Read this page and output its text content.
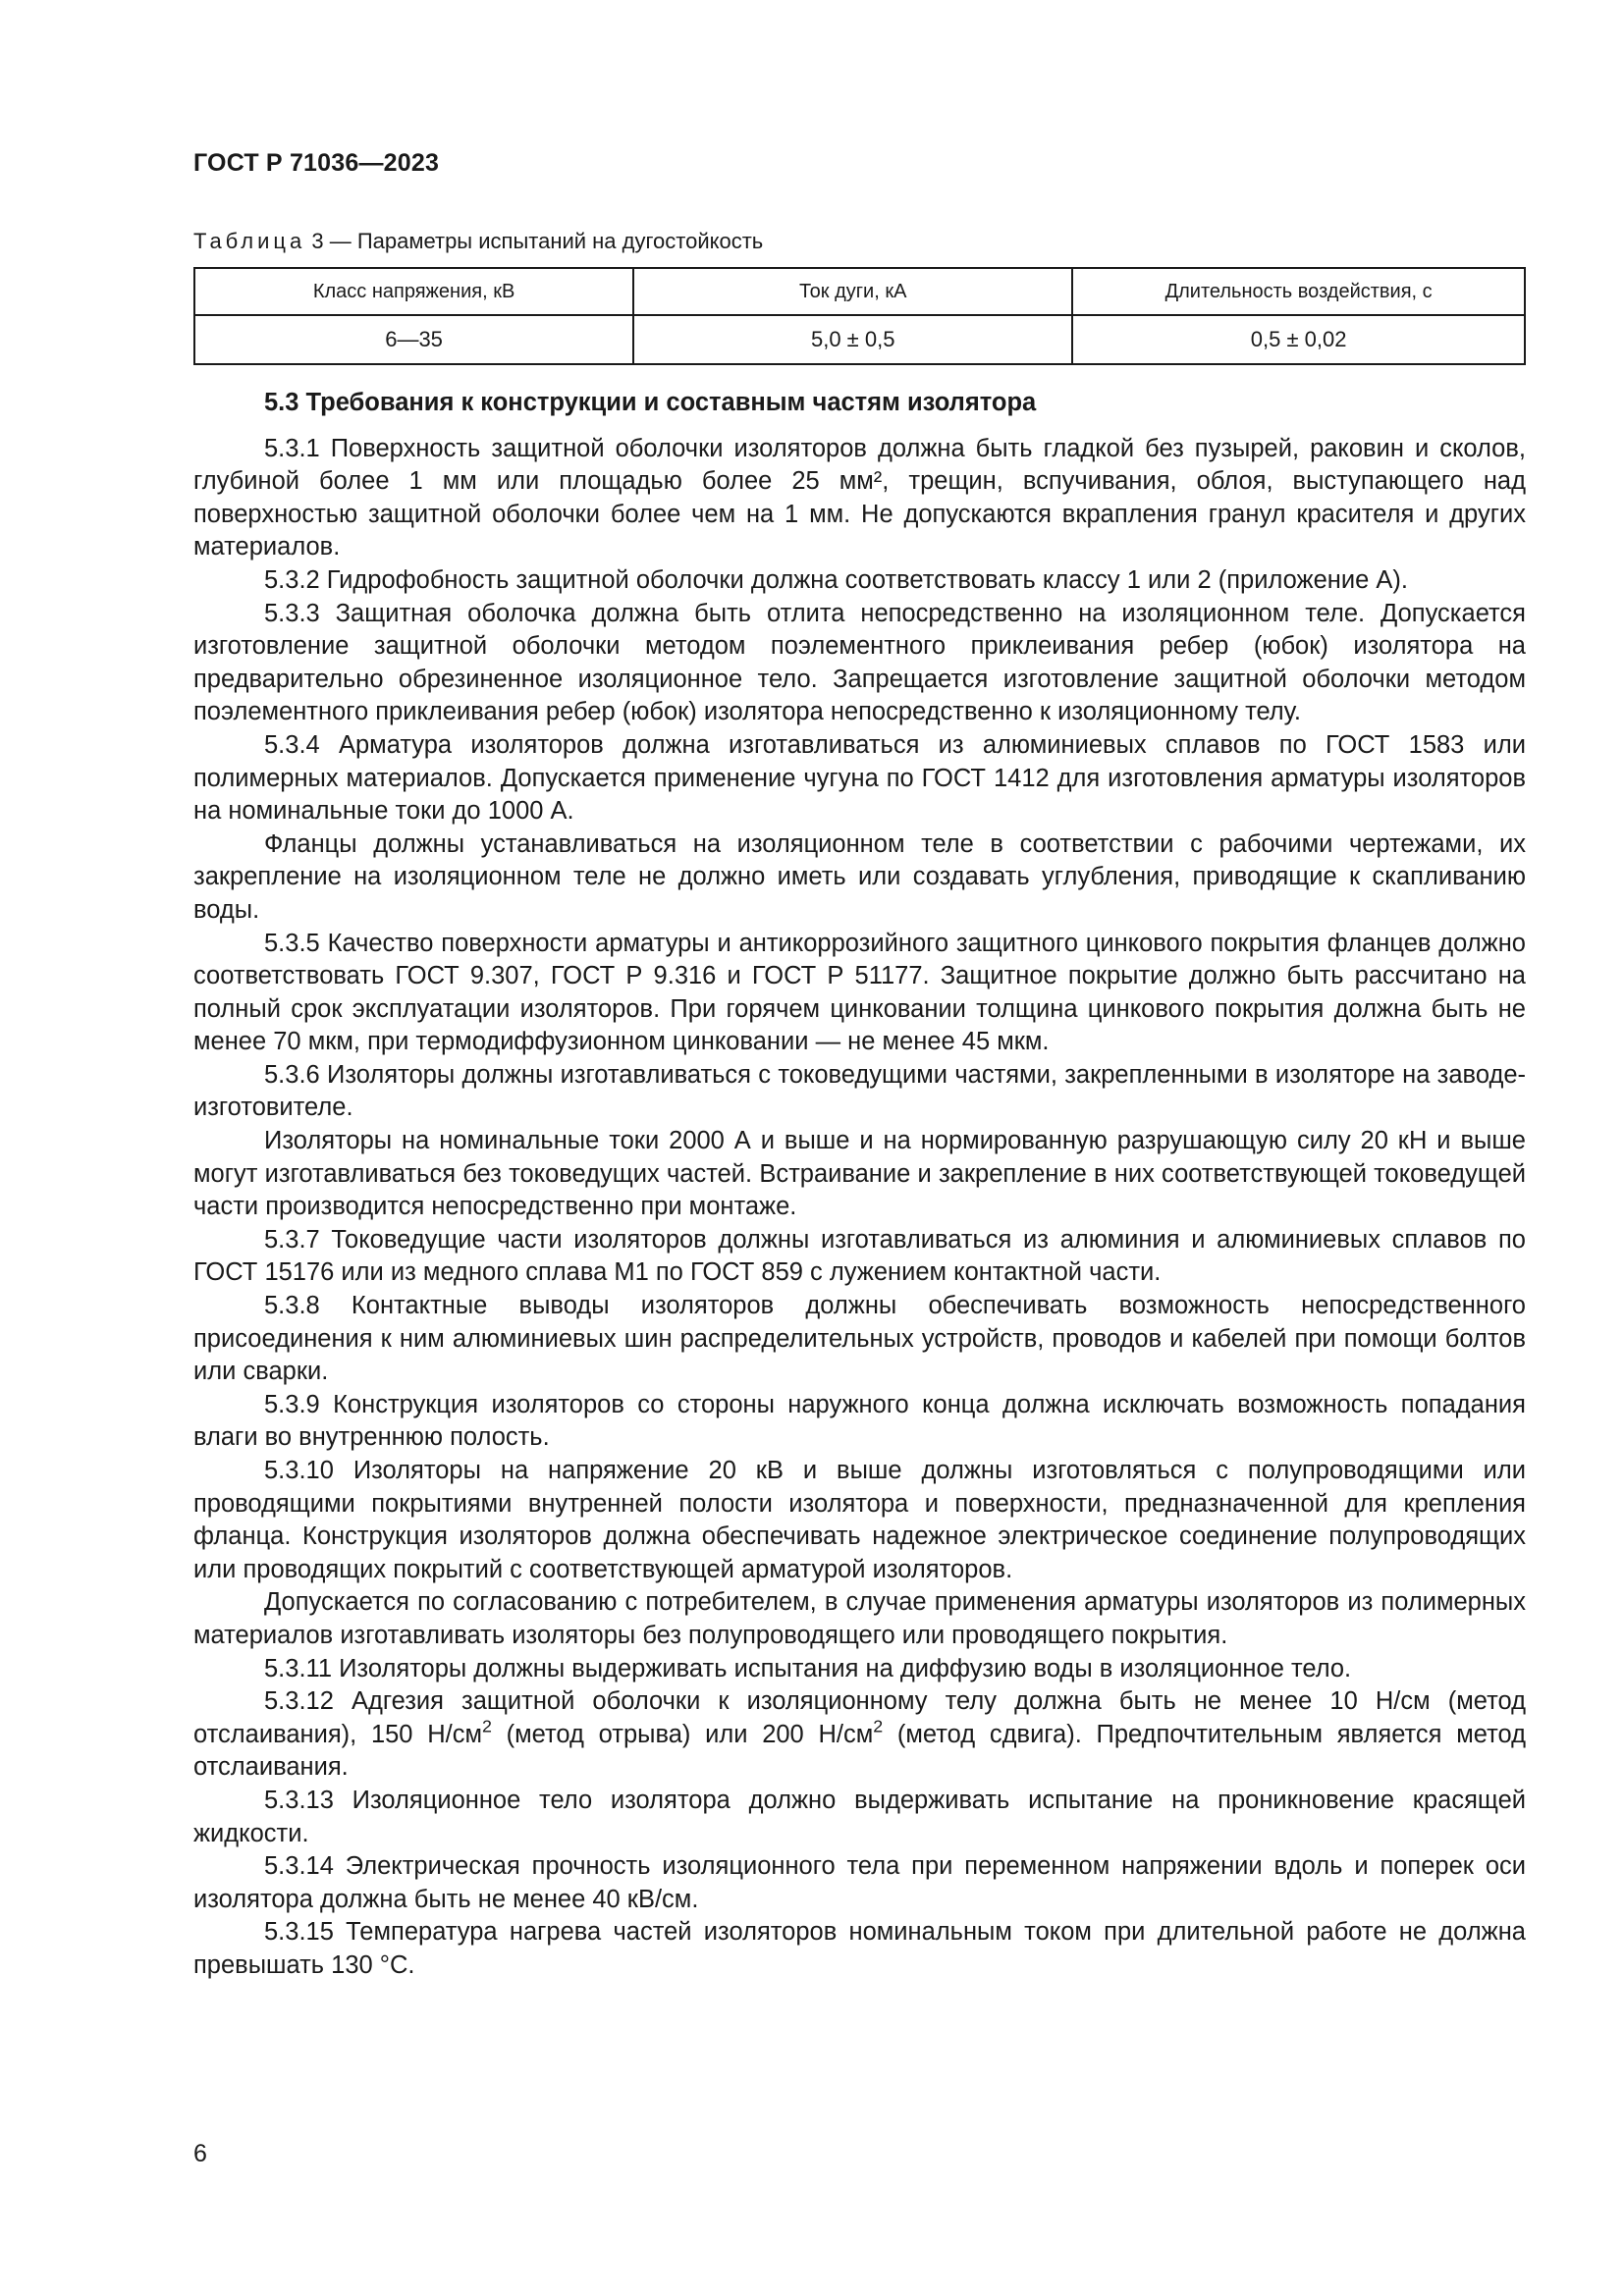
ГОСТ Р 71036—2023
Таблица 3 — Параметры испытаний на дугостойкость
Класс напряжения, кВ	Ток дуги, кА	Длительность воздействия, с
6—35	5,0 ± 0,5	0,5 ± 0,02
5.3 Требования к конструкции и составным частям изолятора

5.3.1 Поверхность защитной оболочки изоляторов должна быть гладкой без пузырей, раковин и сколов, глубиной более 1 мм или площадью более 25 мм², трещин, вспучивания, облоя, выступающего над поверхностью защитной оболочки более чем на 1 мм. Не допускаются вкрапления гранул красителя и других материалов.

5.3.2 Гидрофобность защитной оболочки должна соответствовать классу 1 или 2 (приложение А).

5.3.3 Защитная оболочка должна быть отлита непосредственно на изоляционном теле. Допускается изготовление защитной оболочки методом поэлементного приклеивания ребер (юбок) изолятора на предварительно обрезиненное изоляционное тело. Запрещается изготовление защитной оболочки методом поэлементного приклеивания ребер (юбок) изолятора непосредственно к изоляционному телу.

5.3.4 Арматура изоляторов должна изготавливаться из алюминиевых сплавов по ГОСТ 1583 или полимерных материалов. Допускается применение чугуна по ГОСТ 1412 для изготовления арматуры изоляторов на номинальные токи до 1000 А.

Фланцы должны устанавливаться на изоляционном теле в соответствии с рабочими чертежами, их закрепление на изоляционном теле не должно иметь или создавать углубления, приводящие к скапливанию воды.

5.3.5 Качество поверхности арматуры и антикоррозийного защитного цинкового покрытия фланцев должно соответствовать ГОСТ 9.307, ГОСТ Р 9.316 и ГОСТ Р 51177. Защитное покрытие должно быть рассчитано на полный срок эксплуатации изоляторов. При горячем цинковании толщина цинкового покрытия должна быть не менее 70 мкм, при термодиффузионном цинковании — не менее 45 мкм.

5.3.6 Изоляторы должны изготавливаться с токоведущими частями, закрепленными в изоляторе на заводе-изготовителе.

Изоляторы на номинальные токи 2000 А и выше и на нормированную разрушающую силу 20 кН и выше могут изготавливаться без токоведущих частей. Встраивание и закрепление в них соответствующей токоведущей части производится непосредственно при монтаже.

5.3.7 Токоведущие части изоляторов должны изготавливаться из алюминия и алюминиевых сплавов по ГОСТ 15176 или из медного сплава М1 по ГОСТ 859 с лужением контактной части.

5.3.8 Контактные выводы изоляторов должны обеспечивать возможность непосредственного присоединения к ним алюминиевых шин распределительных устройств, проводов и кабелей при помощи болтов или сварки.

5.3.9 Конструкция изоляторов со стороны наружного конца должна исключать возможность попадания влаги во внутреннюю полость.

5.3.10 Изоляторы на напряжение 20 кВ и выше должны изготовляться с полупроводящими или проводящими покрытиями внутренней полости изолятора и поверхности, предназначенной для крепления фланца. Конструкция изоляторов должна обеспечивать надежное электрическое соединение полупроводящих или проводящих покрытий с соответствующей арматурой изоляторов.

Допускается по согласованию с потребителем, в случае применения арматуры изоляторов из полимерных материалов изготавливать изоляторы без полупроводящего или проводящего покрытия.

5.3.11 Изоляторы должны выдерживать испытания на диффузию воды в изоляционное тело.

5.3.12 Адгезия защитной оболочки к изоляционному телу должна быть не менее 10 Н/см (метод отслаивания), 150 $Н/см^2$ (метод отрыва) или 200 $Н/см^2$ (метод сдвига). Предпочтительным является метод отслаивания.

5.3.13 Изоляционное тело изолятора должно выдерживать испытание на проникновение красящей жидкости.

5.3.14 Электрическая прочность изоляционного тела при переменном напряжении вдоль и поперек оси изолятора должна быть не менее 40 кВ/см.

5.3.15 Температура нагрева частей изоляторов номинальным током при длительной работе не должна превышать 130 °С.

6
